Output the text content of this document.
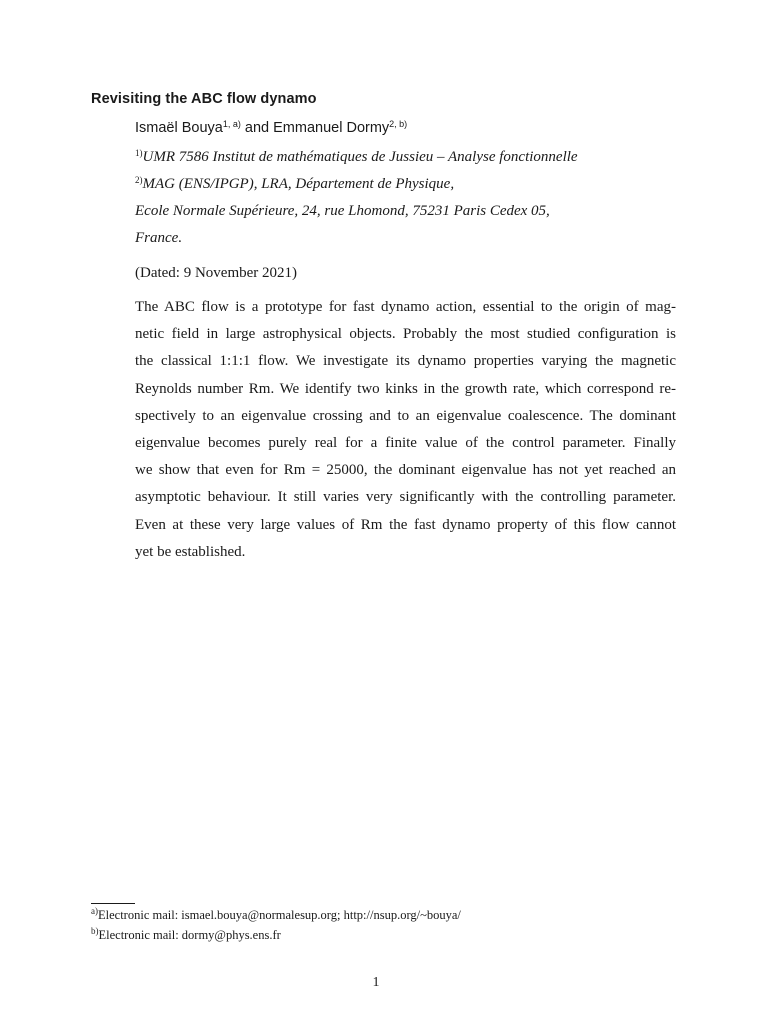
Revisiting the ABC flow dynamo
Ismaël Bouya$^{1, a)}$ and Emmanuel Dormy$^{2, b)}$
$^{1)}$UMR 7586 Institut de mathématiques de Jussieu – Analyse fonctionnelle
$^{2)}$MAG (ENS/IPGP), LRA, Département de Physique,
Ecole Normale Supérieure, 24, rue Lhomond, 75231 Paris Cedex 05,
France.
(Dated: 9 November 2021)
The ABC flow is a prototype for fast dynamo action, essential to the origin of mag-
netic field in large astrophysical objects. Probably the most studied configuration is
the classical 1:1:1 flow. We investigate its dynamo properties varying the magnetic
Reynolds number Rm. We identify two kinks in the growth rate, which correspond re-
spectively to an eigenvalue crossing and to an eigenvalue coalescence. The dominant
eigenvalue becomes purely real for a finite value of the control parameter. Finally
we show that even for Rm = 25000, the dominant eigenvalue has not yet reached an
asymptotic behaviour. It still varies very significantly with the controlling parameter.
Even at these very large values of Rm the fast dynamo property of this flow cannot
yet be established.
$^{a)}$Electronic mail: ismael.bouya@normalesup.org; http://nsup.org/~bouya/
$^{b)}$Electronic mail: dormy@phys.ens.fr
1
